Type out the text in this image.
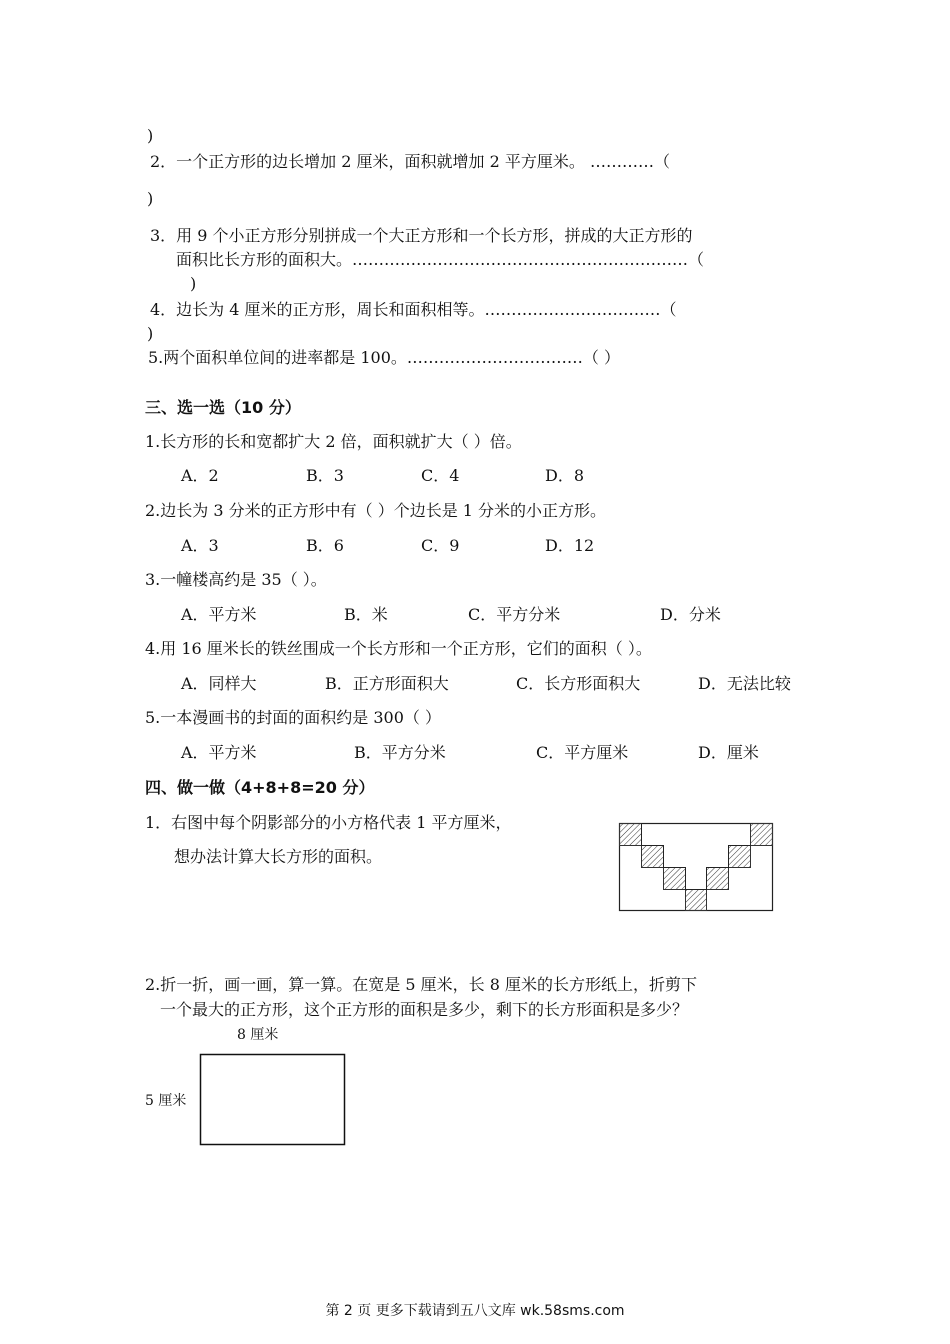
)
2．一个正方形的边长增加 2 厘米，面积就增加 2 平方厘米。 …………（
)
3．用 9 个小正方形分别拼成一个大正方形和一个长方形，拼成的大正方形的
面积比长方形的面积大。………………………………………………………（
)
4．边长为 4 厘米的正方形，周长和面积相等。……………………………（
)
5.两个面积单位间的进率都是 100。……………………………（ ）
三、选一选（10 分）
1.长方形的长和宽都扩大 2 倍，面积就扩大（ ）倍。
A．2	B．3	C．4	D．8
2.边长为 3 分米的正方形中有（ ）个边长是 1 分米的小正方形。
A．3	B．6	C．9	D．12
3.一幢楼高约是 35（ ）。
A．平方米	B．米	C．平方分米	D．分米
4.用 16 厘米长的铁丝围成一个长方形和一个正方形，它们的面积（ ）。
A．同样大	B．正方形面积大	C．长方形面积大	D．无法比较
5.一本漫画书的封面的面积约是 300（ ）
A．平方米	B．平方分米	C．平方厘米	D．厘米
四、做一做（4+8+8=20 分）
1．右图中每个阴影部分的小方格代表 1 平方厘米，
想办法计算大长方形的面积。
2.折一折，画一画，算一算。在宽是 5 厘米，长 8 厘米的长方形纸上，折剪下
一个最大的正方形，这个正方形的面积是多少，剩下的长方形面积是多少？
8 厘米
5 厘米
第 2 页 更多下载请到五八文库 wk.58sms.com
